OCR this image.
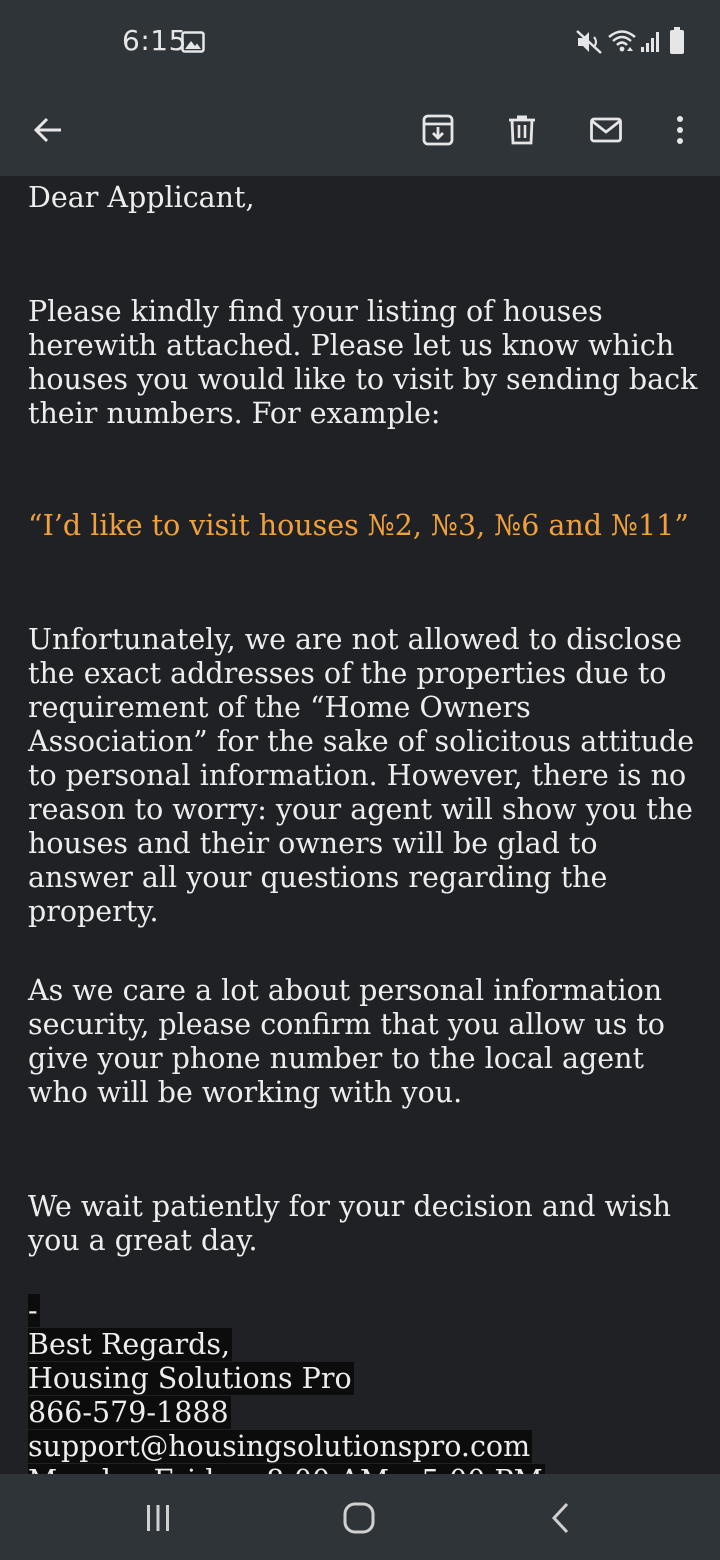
6:15

Dear Applicant,

Please kindly find your listing of houses herewith attached. Please let us know which houses you would like to visit by sending back their numbers. For example:

“I’d like to visit houses №2, №3, №6 and №11”

Unfortunately, we are not allowed to disclose the exact addresses of the properties due to requirement of the “Home Owners Association” for the sake of solicitous attitude to personal information. However, there is no reason to worry: your agent will show you the houses and their owners will be glad to answer all your questions regarding the property.

As we care a lot about personal information security, please confirm that you allow us to give your phone number to the local agent who will be working with you.

We wait patiently for your decision and wish you a great day.

-
Best Regards,
Housing Solutions Pro
866-579-1888
support@housingsolutionspro.com
